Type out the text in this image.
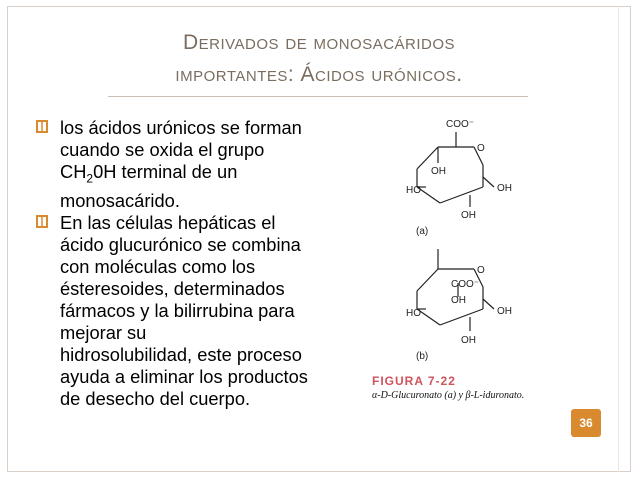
Derivados de monosacáridos
importantes: Ácidos urónicos.
los ácidos urónicos se forman
cuando se oxida el grupo
$CH_20H$ terminal de un
monosacárido.
En las células hepáticas el
ácido glucurónico se combina
con moléculas como los
ésteresoides, determinados
fármacos y la bilirrubina para
mejorar su
hidrosolubilidad, este proceso
ayuda a eliminar los productos
de desecho del cuerpo.
COO⁻
O
OH
HO	OH
OH
(a)
O
COO⁻
OH
HO	OH
OH
(b)
FIGURA 7-22
α-D-Glucuronato (a) y β-L-iduronato.
36
